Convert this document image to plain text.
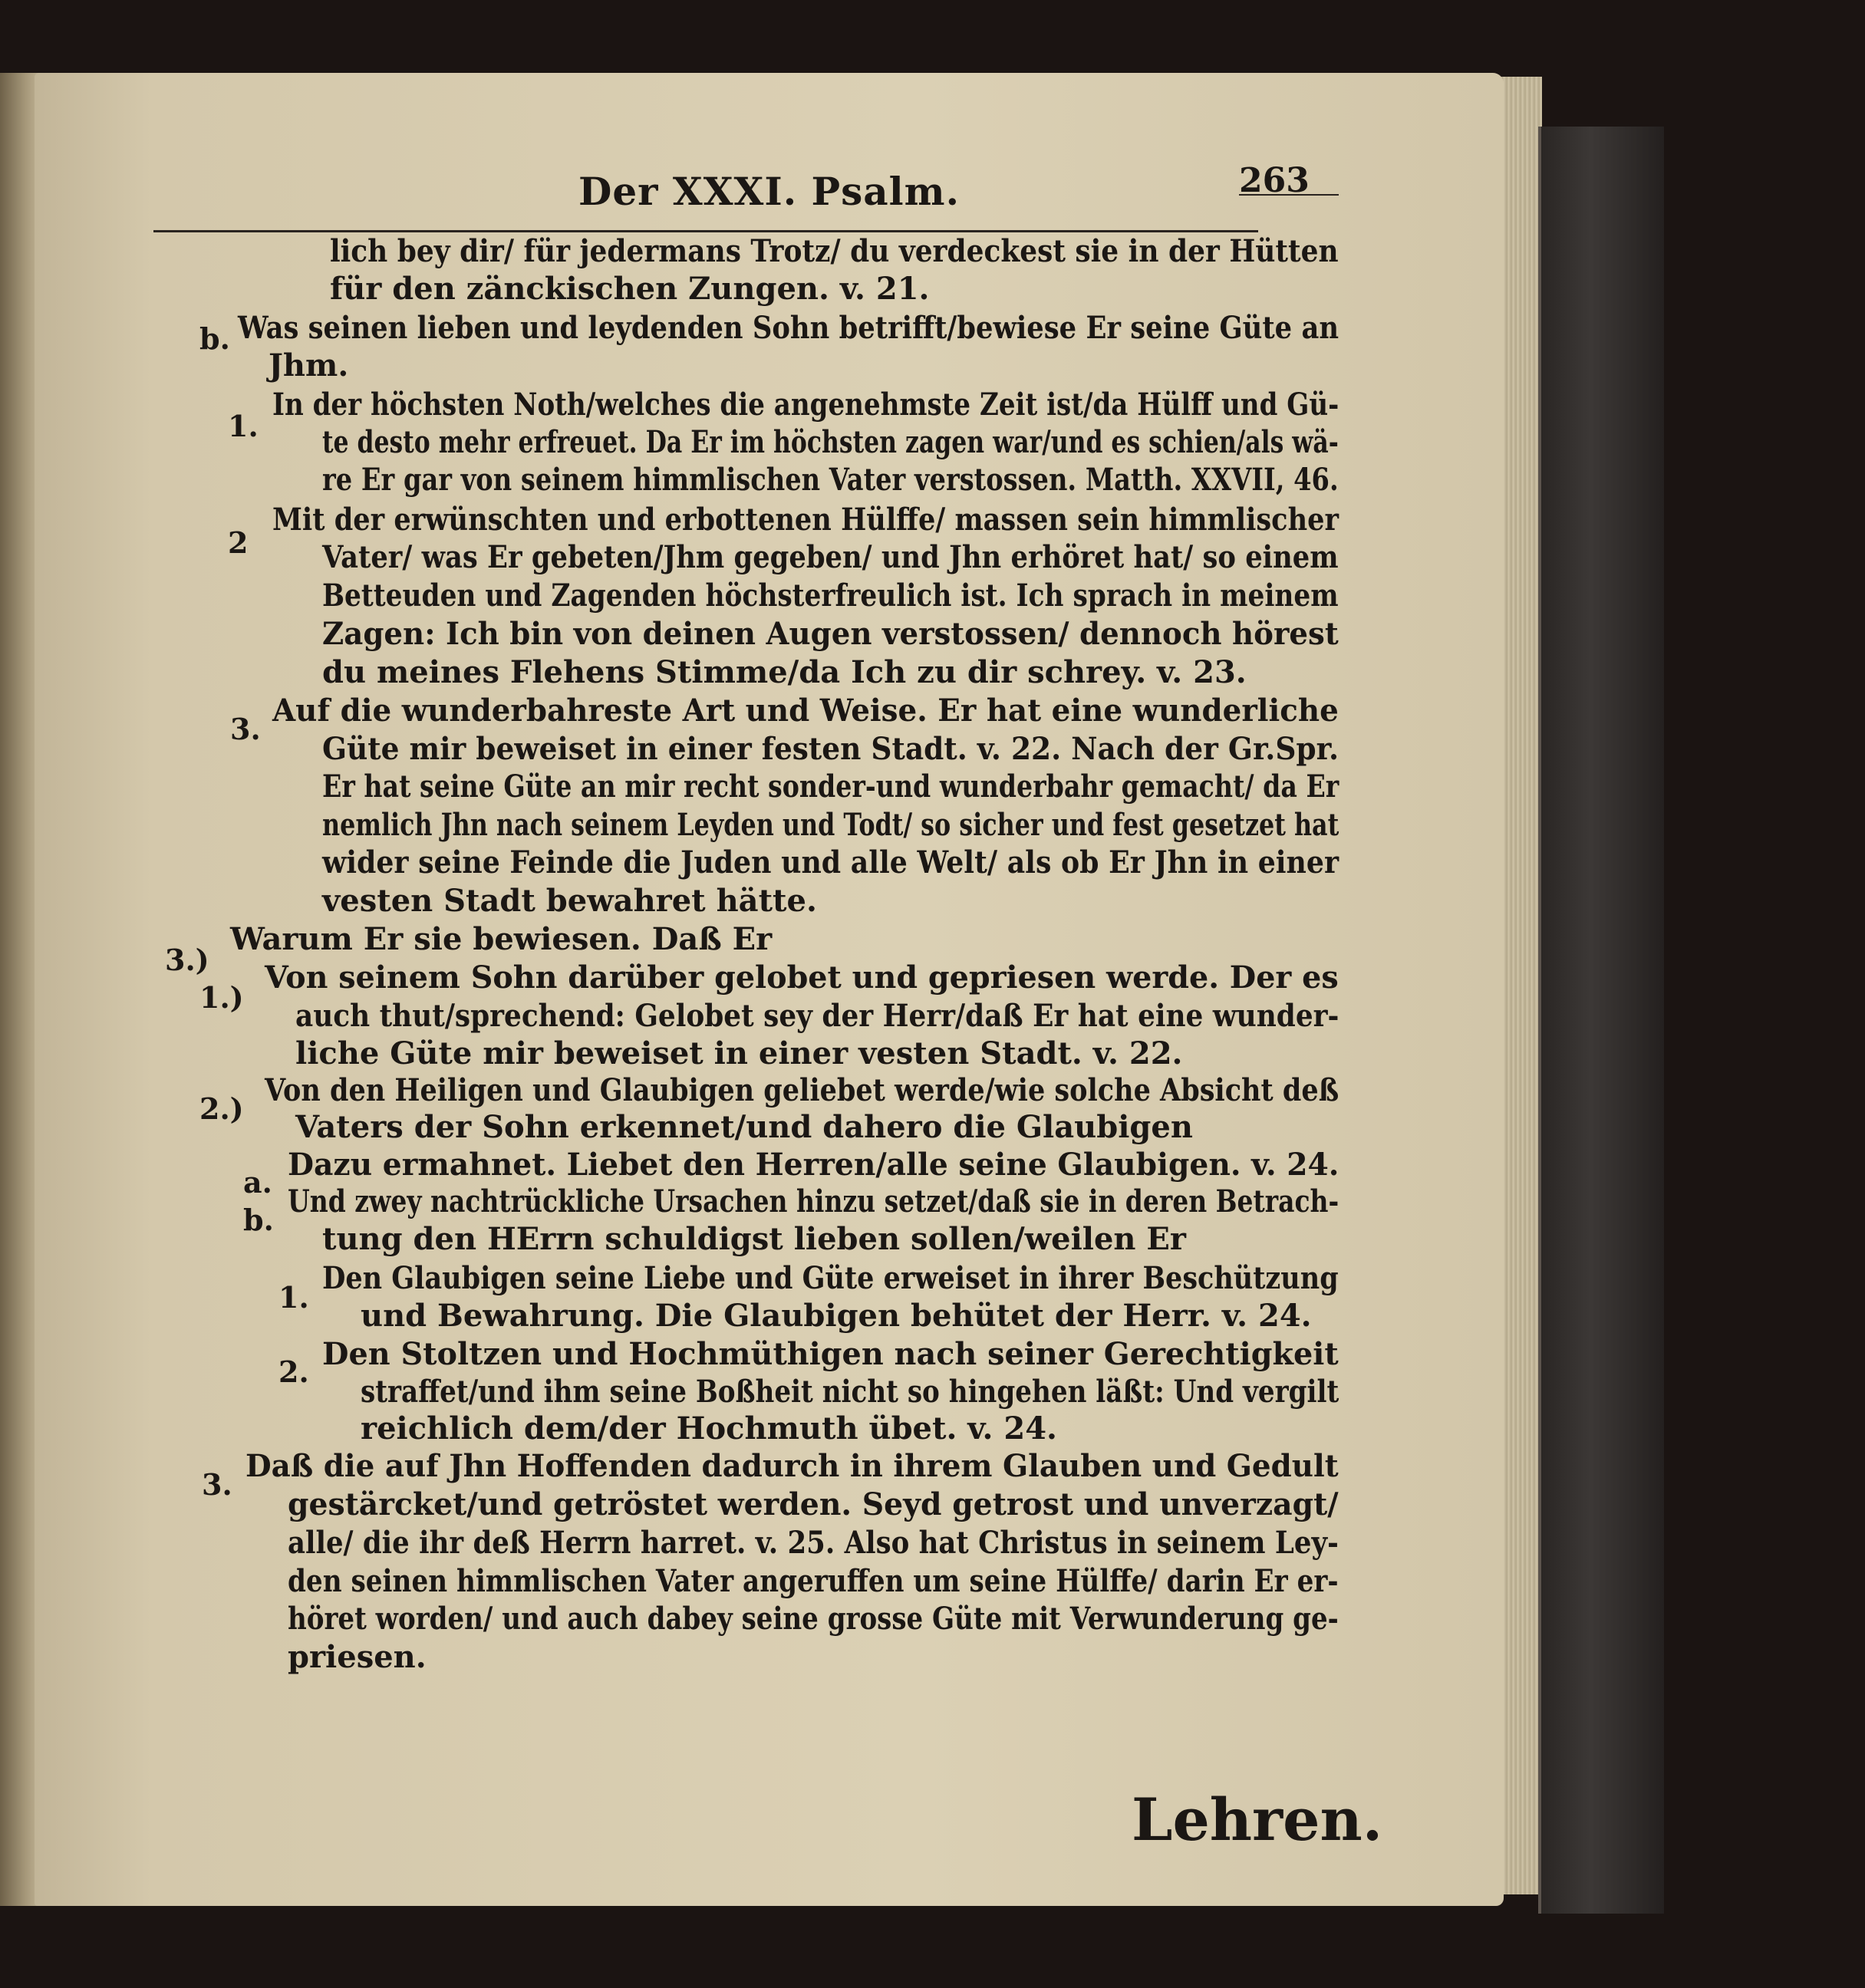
Der XXXI. Psalm.	263
b.
1.
2
3.
3.)
1.)
2.)
a.
b.
1.
2.
3.
lich bey dir/ für jedermans Trotz/ du verdeckest sie in der Hütten
für den zänckischen Zungen. v. 21.
Was seinen lieben und leydenden Sohn betrifft/bewiese Er seine Güte an
Jhm.
In der höchsten Noth/welches die angenehmste Zeit ist/da Hülff und Gü-
te desto mehr erfreuet. Da Er im höchsten zagen war/und es schien/als wä-
re Er gar von seinem himmlischen Vater verstossen. Matth. XXVII, 46.
Mit der erwünschten und erbottenen Hülffe/ massen sein himmlischer
Vater/ was Er gebeten/Jhm gegeben/ und Jhn erhöret hat/ so einem
Betteuden und Zagenden höchsterfreulich ist. Ich sprach in meinem
Zagen: Ich bin von deinen Augen verstossen/ dennoch hörest
du meines Flehens Stimme/da Ich zu dir schrey. v. 23.
Auf die wunderbahreste Art und Weise. Er hat eine wunderliche
Güte mir beweiset in einer festen Stadt. v. 22. Nach der Gr.Spr.
Er hat seine Güte an mir recht sonder-und wunderbahr gemacht/ da Er
nemlich Jhn nach seinem Leyden und Todt/ so sicher und fest gesetzet hat
wider seine Feinde die Juden und alle Welt/ als ob Er Jhn in einer
vesten Stadt bewahret hätte.
Warum Er sie bewiesen. Daß Er
Von seinem Sohn darüber gelobet und gepriesen werde. Der es
auch thut/sprechend: Gelobet sey der Herr/daß Er hat eine wunder-
liche Güte mir beweiset in einer vesten Stadt. v. 22.
Von den Heiligen und Glaubigen geliebet werde/wie solche Absicht deß
Vaters der Sohn erkennet/und dahero die Glaubigen
Dazu ermahnet. Liebet den Herren/alle seine Glaubigen. v. 24.
Und zwey nachtrückliche Ursachen hinzu setzet/daß sie in deren Betrach-
tung den HErrn schuldigst lieben sollen/weilen Er
Den Glaubigen seine Liebe und Güte erweiset in ihrer Beschützung
und Bewahrung. Die Glaubigen behütet der Herr. v. 24.
Den Stoltzen und Hochmüthigen nach seiner Gerechtigkeit
straffet/und ihm seine Boßheit nicht so hingehen läßt: Und vergilt
reichlich dem/der Hochmuth übet. v. 24.
Daß die auf Jhn Hoffenden dadurch in ihrem Glauben und Gedult
gestärcket/und getröstet werden. Seyd getrost und unverzagt/
alle/ die ihr deß Herrn harret. v. 25. Also hat Christus in seinem Ley-
den seinen himmlischen Vater angeruffen um seine Hülffe/ darin Er er-
höret worden/ und auch dabey seine grosse Güte mit Verwunderung ge-
priesen.
Lehren.
